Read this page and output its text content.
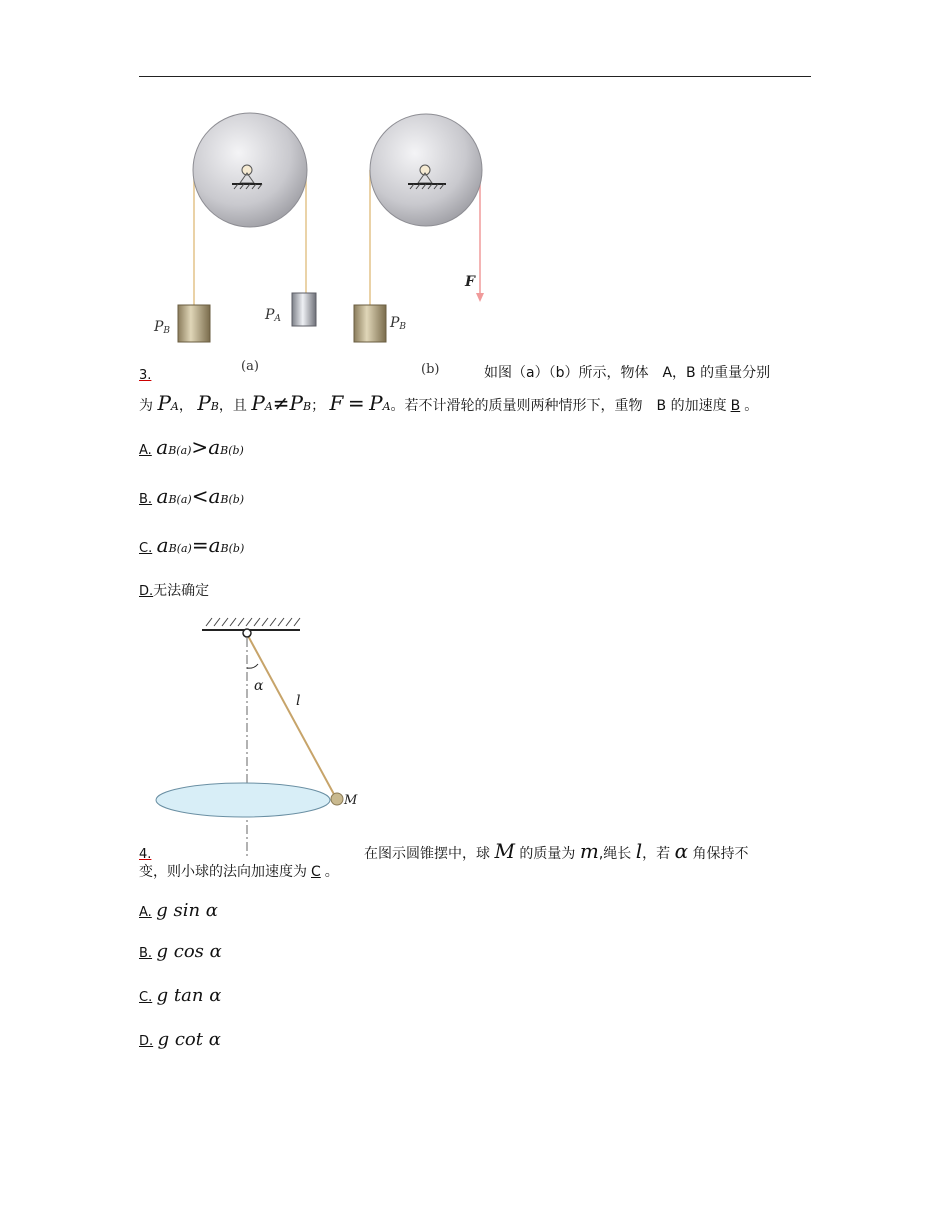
PB
PA
(a)
PB
F
(b)
3.	如图（a）（b）所示，物体　A，B 的重量分别
为 PA， PB，且 PA≠PB； F = PA。若不计滑轮的质量则两种情形下，重物　B 的加速度 B 。
A. aB(a)>aB(b)
B. aB(a)<aB(b)
C. aB(a)=aB(b)
D.无法确定
α
l
M
4.	在图示圆锥摆中，球 M 的质量为 m,绳长 l，若 α 角保持不
变，则小球的法向加速度为 C 。
A. g sin α
B. g cos α
C. g tan α
D. g cot α
